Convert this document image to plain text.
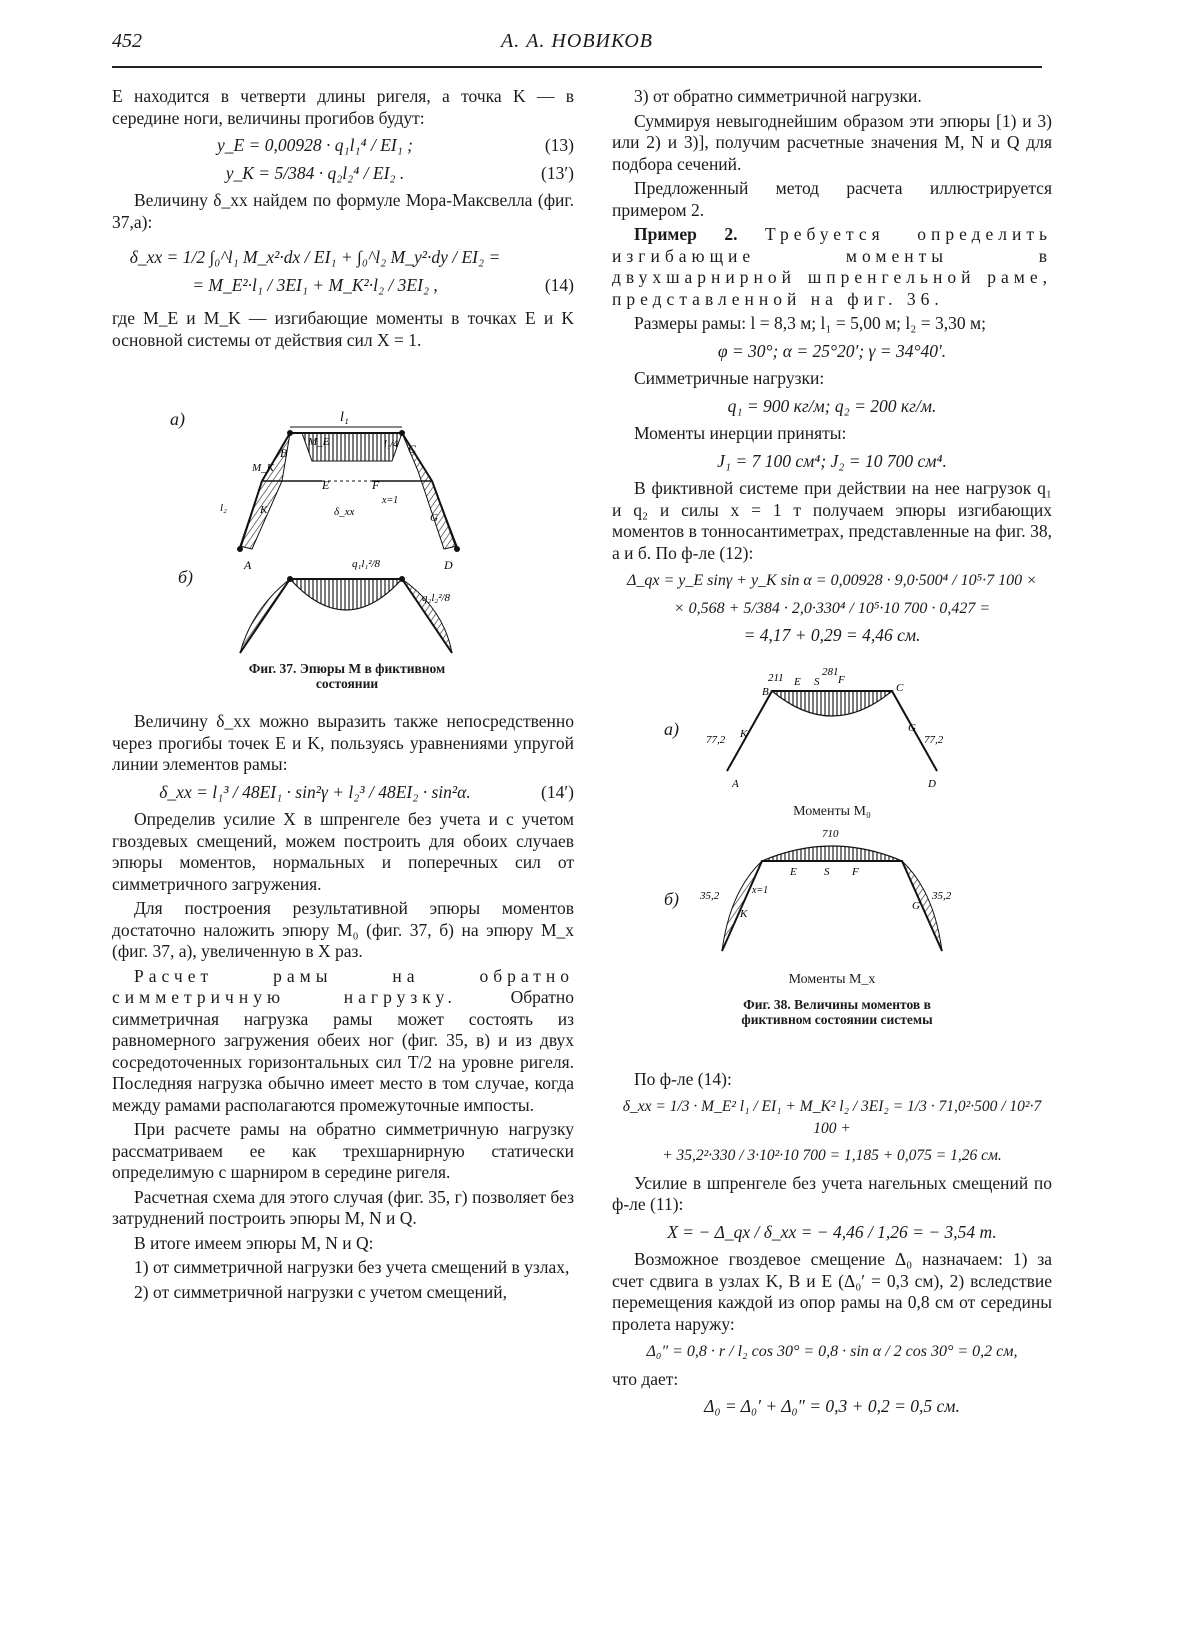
452	А. А. НОВИКОВ

E находится в четверти длины ригеля, а точка K — в середине ноги, величины прогибов будут:

y_E = 0,00928 · q₁l₁⁴ / EI₁ ;	(13)
y_K = 5/384 · q₂l₂⁴ / EI₂ .	(13′)

Величину δ_xx найдем по формуле Мора-Максвелла (фиг. 37,а):

δ_xx = 1/2 ∫₀^l₁ M_x²·dx / EI₁ + ∫₀^l₂ M_y²·dy / EI₂ =
= M_E²·l₁ / 3EI₁ + M_K²·l₂ / 3EI₂ ,	(14)

где M_E и M_K — изгибающие моменты в точках E и K основной системы от действия сил X = 1.

а)
б)
l₁
M_E
M_K
B	C
E	F
K
G
A	D
x=1
δ_xx
l₂
l₁/4
q₁l₁²/8
q₂l₂²/8
Фиг. 37. Эпюры M в фиктивном состоянии

Величину δ_xx можно выразить также непосредственно через прогибы точек E и K, пользуясь уравнениями упругой линии элементов рамы:

δ_xx = l₁³ / 48EI₁ · sin²γ + l₂³ / 48EI₂ · sin²α.	(14′)

Определив усилие X в шпренгеле без учета и с учетом гвоздевых смещений, можем построить для обоих случаев эпюры моментов, нормальных и поперечных сил от симметричного загружения.

Для построения результативной эпюры моментов достаточно наложить эпюру M₀ (фиг. 37, б) на эпюру M_x (фиг. 37, а), увеличенную в X раз.

Расчет рамы на обратно симметричную нагрузку.	Обратно симметричная нагрузка рамы может состоять из равномерного загружения обеих ног (фиг. 35, в) и из двух сосредоточенных горизонтальных сил T/2 на уровне ригеля. Последняя нагрузка обычно имеет место в том случае, когда между рамами располагаются промежуточные импосты.

При расчете рамы на обратно симметричную нагрузку рассматриваем ее как трехшарнирную статически определимую с шарниром в середине ригеля.

Расчетная схема для этого случая (фиг. 35, г) позволяет без затруднений построить эпюры M, N и Q.

В итоге имеем эпюры M, N и Q:

1) от симметричной нагрузки без учета смещений в узлах,

2) от симметричной нагрузки с учетом смещений,

3) от обратно симметричной нагрузки.

Суммируя невыгоднейшим образом эти эпюры [1) и 3) или 2) и 3)], получим расчетные значения M, N и Q для подбора сечений.

Предложенный метод расчета иллюстрируется примером 2.

Пример 2. Требуется определить изгибающие моменты в двухшарнирной шпренгельной раме, представленной на фиг. 36.

Размеры рамы: l = 8,3 м; l₁ = 5,00 м; l₂ = 3,30 м;

φ = 30°; α = 25°20′; γ = 34°40′.

Симметричные нагрузки:

q₁ = 900 кг/м; q₂ = 200 кг/м.

Моменты инерции приняты:

J₁ = 7 100 см⁴; J₂ = 10 700 см⁴.

В фиктивной системе при действии на нее нагрузок q₁ и q₂ и силы x = 1 т получаем эпюры изгибающих моментов в тонносантиметрах, представленные на фиг. 38, а и б. По ф-ле (12):

Δ_qx = y_E sinγ + y_K sin α = 0,00928 · 9,0·500⁴ / 10⁵·7 100 ×
× 0,568 + 5/384 · 2,0·330⁴ / 10⁵·10 700 · 0,427 =
= 4,17 + 0,29 = 4,46 см.
а)
б)
211	281
B
E S F
C
K	G
77,2	77,2
A	D
710
E S F
x=1
35,2	35,2
K
G
Моменты M₀
Моменты M_x
Фиг. 38. Величины моментов в фиктивном состоянии системы

По ф-ле (14):

δ_xx = 1/3 · M_E² l₁ / EI₁ + M_K² l₂ / 3EI₂ = 1/3 · 71,0²·500 / 10²·7 100 +
+ 35,2²·330 / 3·10²·10 700 = 1,185 + 0,075 = 1,26 см.

Усилие в шпренгеле без учета нагельных смещений по ф-ле (11):

X = − Δ_qx / δ_xx = − 4,46 / 1,26 = − 3,54 т.

Возможное гвоздевое смещение Δ₀ назначаем: 1) за счет сдвига в узлах K, B и E (Δ₀′ = 0,3 см), 2) вследствие перемещения каждой из опор рамы на 0,8 см от середины пролета наружу:

Δ₀″ = 0,8 · r / l₂ cos 30° = 0,8 · sin α / 2 cos 30° = 0,2 см,

что дает:

Δ₀ = Δ₀′ + Δ₀″ = 0,3 + 0,2 = 0,5 см.
